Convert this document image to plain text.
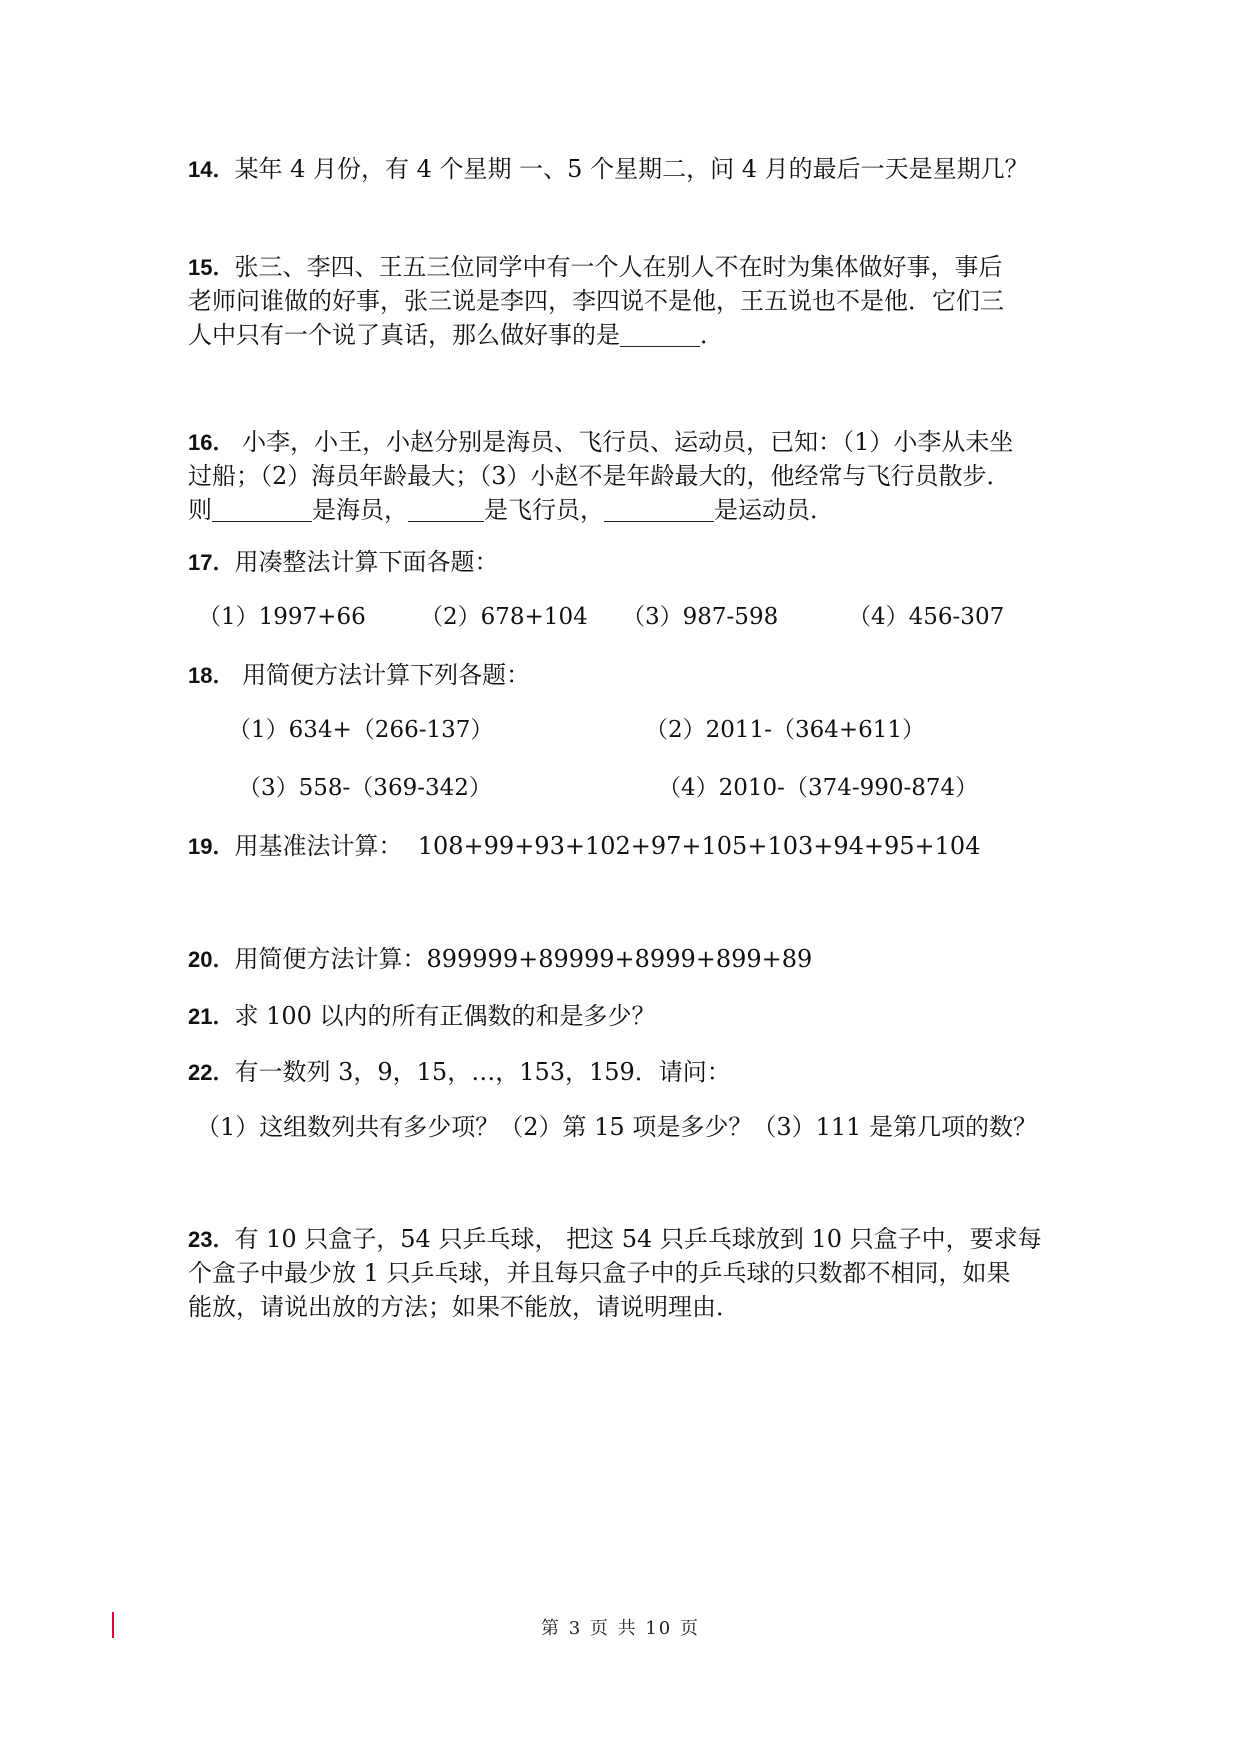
14．某年 4 月份，有 4 个星期 一、5 个星期二，问 4 月的最后一天是星期几？
15．张三、李四、王五三位同学中有一个人在别人不在时为集体做好事，事后
老师问谁做的好事，张三说是李四，李四说不是他，王五说也不是他．它们三
人中只有一个说了真话，那么做好事的是	．
16． 小李，小王，小赵分别是海员、飞行员、运动员，已知：（1）小李从未坐
过船；（2）海员年龄最大；（3）小赵不是年龄最大的，他经常与飞行员散步．
则	是海员，	是飞行员，	是运动员．
17．用凑整法计算下面各题：
（1）1997+66 （2）678+104 （3）987-598	（4）456-307
18． 用简便方法计算下列各题：
（1）634+（266-137）	（2）2011-（364+611）
（3）558-（369-342）	（4）2010-（374-990-874）
19．用基准法计算：  108+99+93+102+97+105+103+94+95+104
20．用简便方法计算：899999+89999+8999+899+89
21．求 100 以内的所有正偶数的和是多少？
22．有一数列 3，9，15，…，153，159．请问：
（1）这组数列共有多少项？（2）第 15 项是多少？（3）111 是第几项的数？
23．有 10 只盒子，54 只乒乓球， 把这 54 只乒乓球放到 10 只盒子中，要求每
个盒子中最少放 1 只乒乓球，并且每只盒子中的乒乓球的只数都不相同，如果
能放，请说出放的方法；如果不能放，请说明理由．
第 3 页 共 10 页
